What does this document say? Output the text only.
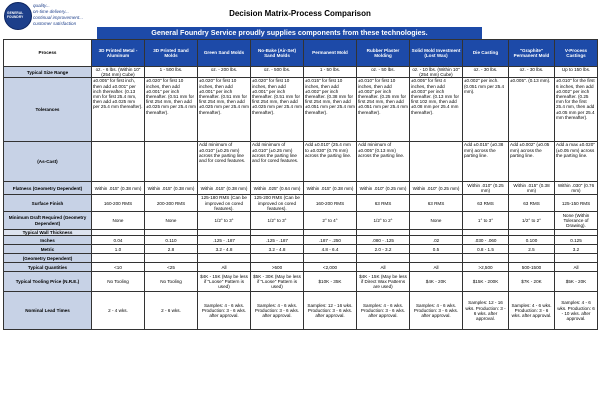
GENERAL FOUNDRY
quality...
on-time delivery...
continual improvement...
customer satisfaction
Decision Matrix-Process Comparison
General Foundry Service proudly supplies components from these technologies.
Process	3D Printed Metal - Aluminum	3D Printed Sand Molds	Green Sand Molds	No-Bake (Air-Set) Sand Molds	Permanent Mold	Rubber Plaster Molding	Solid Mold Investment (Lost Wax)	Die Casting	"Graphite" Permanent Mold	V-Process Castings
Typical Size Range	oz. - 6 lbs. (Within 10" (254 mm) Cube)	1 - 500 lbs.	oz. - 200 lbs.	oz. - 500 lbs.	1 - 50 lbs.	oz. - 50 lbs.	oz. - 10 lbs. (Within 10" (254 mm) Cube)	oz. - 30 lbs.	oz. - 30 lbs.	Up to 150 lbs.
Tolerances	±0.005" for first inch, then add ±0.001" per inch thereafter. (0.13 mm for first 25.4 mm, then add ±0.025 mm per 25.4 mm thereafter).	±0.020" for first 10 inches, then add ±0.001" per inch thereafter. (0.51 mm for first 254 mm, then add ±0.025 mm per 25.4 mm thereafter).	±0.020" for first 10 inches, then add ±0.001" per inch thereafter. (0.51 mm for first 254 mm, then add ±0.025 mm per 25.4 mm thereafter).	±0.020" for first 10 inches, then add ±0.001" per inch thereafter. (0.51 mm for first 254 mm, then add ±0.025 mm per 25.4 mm thereafter).	±0.015" for first 10 inches, then add ±0.002" per inch thereafter. (0.38 mm for first 254 mm, then add ±0.051 mm per 25.4 mm thereafter).	±0.010" for first 10 inches, then add ±0.002" per inch thereafter. (0.25 mm for first 254 mm, then add ±0.051 mm per 25.4 mm thereafter).	±0.005" for first 4 inches, then add ±0.003" per inch thereafter. (0.13 mm for first 102 mm, then add ±0.08 mm per 25.4 mm thereafter).	±0.002" per inch. (0.051 mm per 25.4 mm).	±0.005". (0.13 mm).	±0.010" for the first 6 inches, then add ±0.002" per inch thereafter. (0.25 mm for the first 25.4 mm, then add ±0.05 mm per 25.4 mm thereafter).
(As-Cast)			Add minimum of ±0.010" (±0.25 mm) across the parting line and for cored features.	Add minimum of ±0.010" (±0.25 mm) across the parting line and for cored features.	Add ±0.010" (25.4 mm to ±0.030" (0.76 mm) across the parting line.	Add minimum of ±0.005" (0.13 mm) across the parting line.		Add ±0.015" (±0.38 mm) across the parting line.	Add ±0.002" (±0.05 mm) across the parting line.	Add a max ±0.020" (±0.05 mm) across the parting line.
Flatness (Geometry Dependent)	Within .015" (0.38 mm)	Within .015" (0.38 mm)	Within .015" (0.38 mm)	Within .025" (0.64 mm)	Within .015" (0.38 mm)	Within .010" (0.25 mm)	Within .010" (0.25 mm)	Within .010" (0.25 mm)	Within .015" (0.38 mm)	Within .030" (0.76 mm)
Surface Finish	160-200 RMS	200-300 RMS	125-180 RMS (Can be improved on cored features).	125-200 RMS (Can be improved on cored features).	160-200 RMS	63 RMS	63 RMS	63 RMS	63 RMS	125-150 RMS
Minimum Draft Required (Geometry Dependent)	None	None	1/2° to 3°	1/2° to 3°	2° to 4°	1/2° to 2°	None	1° to 3°	1/2° to 2°	None (Within Tolerance of Drawing).
Typical Wall Thickness										
Inches	0.04	0.110	.125 - .187	.125 - .187	.187 - .250	.080 - .125	.02	.030 - .060	0.100	0.125
Metric	1.0	2.8	3.2 - 4.8	3.2 - 4.8	4.8 - 6.4	2.0 - 3.2	0.5	0.8 - 1.5	2.5	3.2
(Geometry Dependent)										
Typical Quantities	<10	<25	All	>500	<2,000	All	All	>2,500	500-1500	All
Typical Tooling Price (N.R.E.)	No Tooling	No Tooling	$4K - 15K (May be less if "Loose" Pattern is used)	$5K - 30K (May be less if "Loose" Pattern is used)	$10K - 35K	$4K - 15K (May be less if Direct Wax Patterns are used)	$4K - 20K	$15K - 200K	$7K - 20K	$5K - 20K
Nominal Lead Times	2 - 4 wks.	2 - 6 wks.	Samples: 4 - 6 wks. Production: 3 - 6 wks. after approval.	Samples: 4 - 6 wks. Production: 3 - 6 wks. after approval.	Samples: 12 - 16 wks. Production: 3 - 6 wks. after approval.	Samples: 4 - 6 wks. Production: 3 - 6 wks. after approval.	Samples: 4 - 6 wks. Production: 3 - 6 wks. after approval.	Samples: 12 - 16 wks. Production: 3 - 6 wks. after approval.	Samples: 4 - 6 wks. Production: 3 - 6 wks. after approval.	Samples: 4 - 6 wks. Production: 6 - 10 wks. after approval.
